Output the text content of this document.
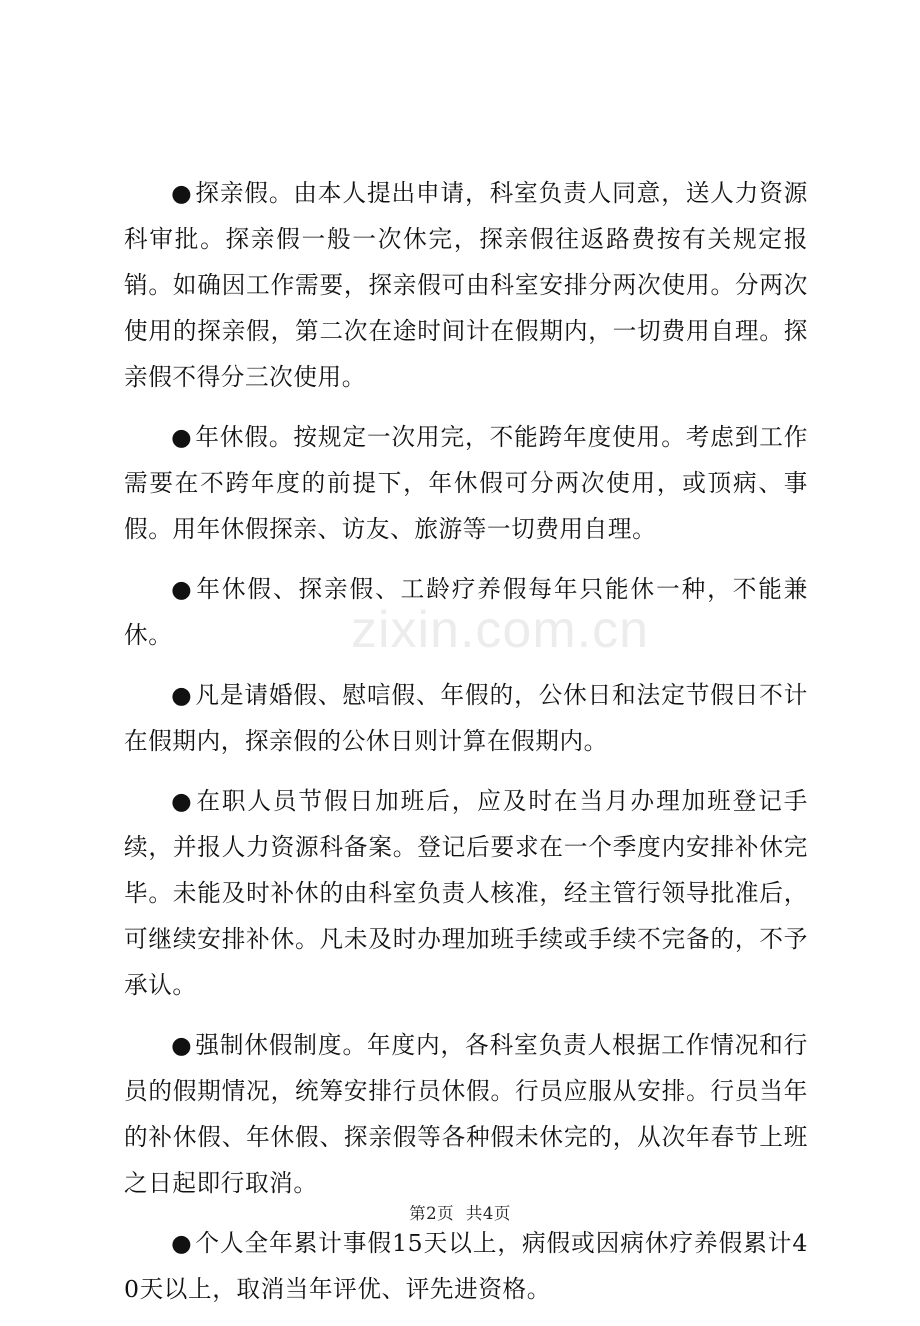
● 探亲假。由本人提出申请，科室负责人同意，送人力资源科审批。探亲假一般一次休完，探亲假往返路费按有关规定报销。如确因工作需要，探亲假可由科室安排分两次使用。分两次使用的探亲假，第二次在途时间计在假期内，一切费用自理。探亲假不得分三次使用。

● 年休假。按规定一次用完，不能跨年度使用。考虑到工作需要在不跨年度的前提下，年休假可分两次使用，或顶病、事假。用年休假探亲、访友、旅游等一切费用自理。

● 年休假、探亲假、工龄疗养假每年只能休一种，不能兼休。

● 凡是请婚假、慰唁假、年假的，公休日和法定节假日不计在假期内，探亲假的公休日则计算在假期内。

● 在职人员节假日加班后，应及时在当月办理加班登记手续，并报人力资源科备案。登记后要求在一个季度内安排补休完毕。未能及时补休的由科室负责人核准，经主管行领导批准后，可继续安排补休。凡未及时办理加班手续或手续不完备的，不予承认。

● 强制休假制度。年度内，各科室负责人根据工作情况和行员的假期情况，统筹安排行员休假。行员应服从安排。行员当年的补休假、年休假、探亲假等各种假未休完的，从次年春节上班之日起即行取消。

● 个人全年累计事假15天以上，病假或因病休疗养假累计40天以上，取消当年评优、评先进资格。

zixin.com.cn
第2页 共4页
